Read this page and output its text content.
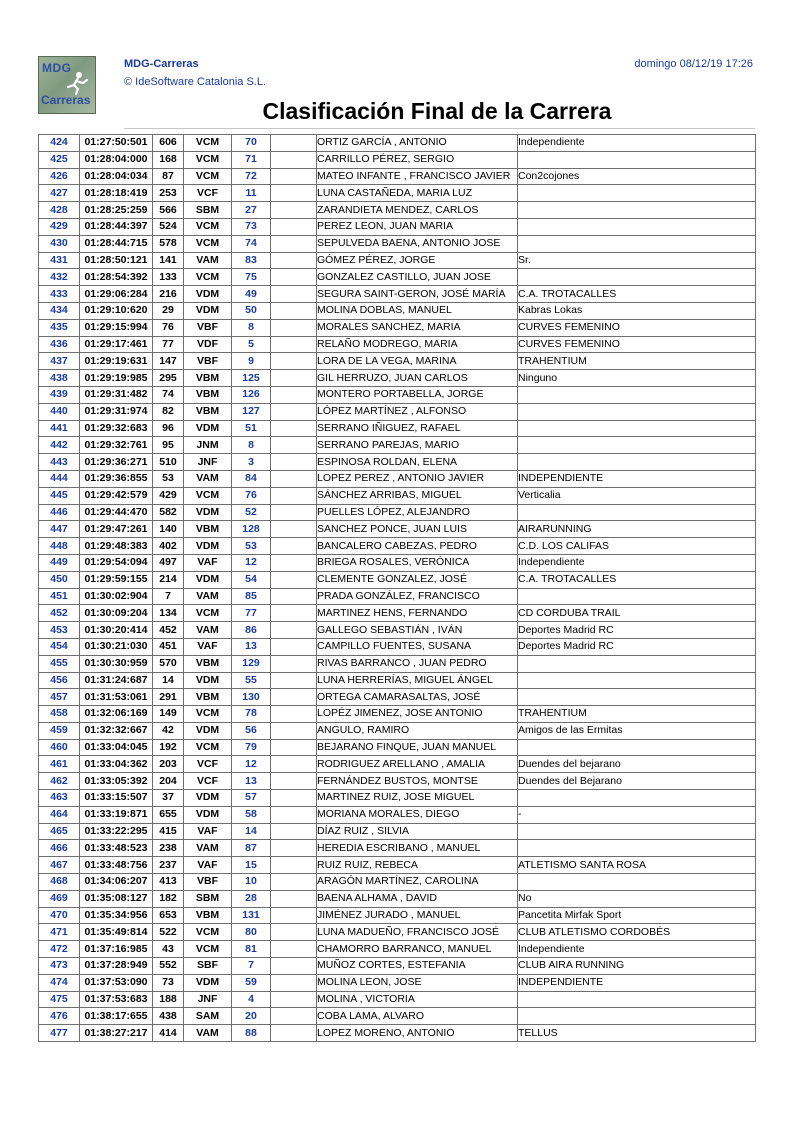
MDG
Carreras
MDG-Carreras
© IdeSoftware Catalonia S.L.
domingo 08/12/19 17:26
Clasificación Final de la Carrera
424	01:27:50:501	606	VCM	70		ORTIZ GARCÍA , ANTONIO	Independiente
425	01:28:04:000	168	VCM	71		CARRILLO PÉREZ, SERGIO	
426	01:28:04:034	87	VCM	72		MATEO INFANTE , FRANCISCO JAVIER	Con2cojones
427	01:28:18:419	253	VCF	11		LUNA CASTAÑEDA, MARIA LUZ	
428	01:28:25:259	566	SBM	27		ZARANDIETA MENDEZ, CARLOS	
429	01:28:44:397	524	VCM	73		PEREZ LEON, JUAN MARIA	
430	01:28:44:715	578	VCM	74		SEPULVEDA BAENA, ANTONIO JOSE	
431	01:28:50:121	141	VAM	83		GÓMEZ PÉREZ, JORGE	Sr.
432	01:28:54:392	133	VCM	75		GONZALEZ CASTILLO, JUAN JOSE	
433	01:29:06:284	216	VDM	49		SEGURA SAINT-GERON, JOSÉ MARÍA	C.A. TROTACALLES
434	01:29:10:620	29	VDM	50		MOLINA DOBLAS, MANUEL	Kabras Lokas
435	01:29:15:994	76	VBF	8		MORALES SANCHEZ, MARIA	CURVES FEMENINO
436	01:29:17:461	77	VDF	5		RELAÑO MODREGO, MARIA	CURVES FEMENINO
437	01:29:19:631	147	VBF	9		LORA DE LA VEGA, MARINA	TRAHENTIUM
438	01:29:19:985	295	VBM	125		GIL HERRUZO, JUAN CARLOS	Ninguno
439	01:29:31:482	74	VBM	126		MONTERO PORTABELLA, JORGE	
440	01:29:31:974	82	VBM	127		LÓPEZ MARTÍNEZ , ALFONSO	
441	01:29:32:683	96	VDM	51		SERRANO IÑIGUEZ, RAFAEL	
442	01:29:32:761	95	JNM	8		SERRANO PAREJAS, MARIO	
443	01:29:36:271	510	JNF	3		ESPINOSA ROLDAN, ELENA	
444	01:29:36:855	53	VAM	84		LOPEZ PEREZ , ANTONIO JAVIER	INDEPENDIENTE
445	01:29:42:579	429	VCM	76		SÁNCHEZ ARRIBAS, MIGUEL	Verticalia
446	01:29:44:470	582	VDM	52		PUELLES LÓPEZ, ALEJANDRO	
447	01:29:47:261	140	VBM	128		SANCHEZ PONCE, JUAN LUIS	AIRARUNNING
448	01:29:48:383	402	VDM	53		BANCALERO CABEZAS, PEDRO	C.D. LOS CALIFAS
449	01:29:54:094	497	VAF	12		BRIEGA ROSALES, VERÓNICA	Independiente
450	01:29:59:155	214	VDM	54		CLEMENTE GONZALEZ, JOSÉ	C.A. TROTACALLES
451	01:30:02:904	7	VAM	85		PRADA GONZÁLEZ, FRANCISCO	
452	01:30:09:204	134	VCM	77		MARTINEZ HENS, FERNANDO	CD CORDUBA TRAIL
453	01:30:20:414	452	VAM	86		GALLEGO SEBASTIÁN , IVÁN	Deportes Madrid RC
454	01:30:21:030	451	VAF	13		CAMPILLO FUENTES, SUSANA	Deportes Madrid RC
455	01:30:30:959	570	VBM	129		RIVAS BARRANCO , JUAN PEDRO	
456	01:31:24:687	14	VDM	55		LUNA HERRERÍAS, MIGUEL ÁNGEL	
457	01:31:53:061	291	VBM	130		ORTEGA CAMARASALTAS, JOSÉ	
458	01:32:06:169	149	VCM	78		LOPÉZ JIMENEZ, JOSE ANTONIO	TRAHENTIUM
459	01:32:32:667	42	VDM	56		ANGULO, RAMIRO	Amigos de las Ermitas
460	01:33:04:045	192	VCM	79		BEJARANO FINQUE, JUAN MANUEL	
461	01:33:04:362	203	VCF	12		RODRIGUEZ ARELLANO , AMALIA	Duendes del bejarano
462	01:33:05:392	204	VCF	13		FERNÁNDEZ BUSTOS, MONTSE	Duendes del Bejarano
463	01:33:15:507	37	VDM	57		MARTINEZ RUIZ, JOSE MIGUEL	
464	01:33:19:871	655	VDM	58		MORIANA MORALES, DIEGO	-
465	01:33:22:295	415	VAF	14		DÍAZ RUIZ , SILVIA	
466	01:33:48:523	238	VAM	87		HEREDIA ESCRIBANO , MANUEL	
467	01:33:48:756	237	VAF	15		RUIZ RUIZ, REBECA	ATLETISMO SANTA ROSA
468	01:34:06:207	413	VBF	10		ARAGÓN MARTÍNEZ, CAROLINA	
469	01:35:08:127	182	SBM	28		BAENA ALHAMA , DAVID	No
470	01:35:34:956	653	VBM	131		JIMÉNEZ JURADO , MANUEL	Pancetita Mirfak Sport
471	01:35:49:814	522	VCM	80		LUNA MADUEÑO, FRANCISCO JOSÉ	CLUB ATLETISMO CORDOBÉS
472	01:37:16:985	43	VCM	81		CHAMORRO BARRANCO, MANUEL	Independiente
473	01:37:28:949	552	SBF	7		MUÑOZ CORTES, ESTEFANIA	CLUB AIRA RUNNING
474	01:37:53:090	73	VDM	59		MOLINA LEON, JOSE	INDEPENDIENTE
475	01:37:53:683	188	JNF	4		MOLINA , VICTORIA	
476	01:38:17:655	438	SAM	20		COBA LAMA, ALVARO	
477	01:38:27:217	414	VAM	88		LOPEZ MORENO, ANTONIO	TELLUS
